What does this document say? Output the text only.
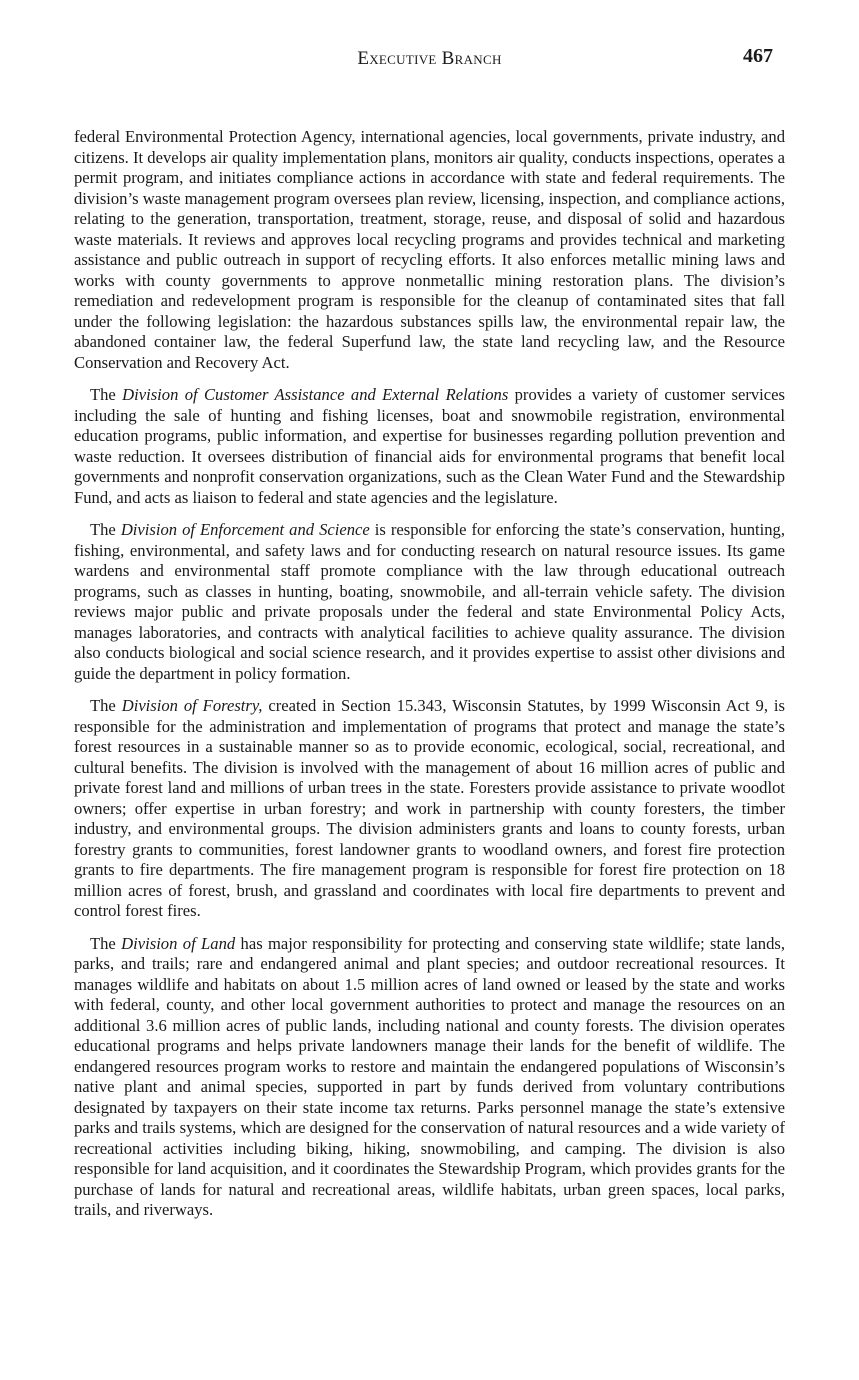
Executive Branch	467

federal Environmental Protection Agency, international agencies, local governments, private industry, and citizens. It develops air quality implementation plans, monitors air quality, conducts inspections, operates a permit program, and initiates compliance actions in accordance with state and federal requirements. The division’s waste management program oversees plan review, licensing, inspection, and compliance actions, relating to the generation, transportation, treatment, storage, reuse, and disposal of solid and hazardous waste materials. It reviews and approves local recycling programs and provides technical and marketing assistance and public outreach in support of recycling efforts. It also enforces metallic mining laws and works with county governments to approve nonmetallic mining restoration plans. The division’s remediation and redevelopment program is responsible for the cleanup of contaminated sites that fall under the following legislation: the hazardous substances spills law, the environmental repair law, the abandoned container law, the federal Superfund law, the state land recycling law, and the Resource Conservation and Recovery Act.

The Division of Customer Assistance and External Relations provides a variety of customer services including the sale of hunting and fishing licenses, boat and snowmobile registration, environmental education programs, public information, and expertise for businesses regarding pollution prevention and waste reduction. It oversees distribution of financial aids for environmental programs that benefit local governments and nonprofit conservation organizations, such as the Clean Water Fund and the Stewardship Fund, and acts as liaison to federal and state agencies and the legislature.

The Division of Enforcement and Science is responsible for enforcing the state’s conservation, hunting, fishing, environmental, and safety laws and for conducting research on natural resource issues. Its game wardens and environmental staff promote compliance with the law through educational outreach programs, such as classes in hunting, boating, snowmobile, and all-terrain vehicle safety. The division reviews major public and private proposals under the federal and state Environmental Policy Acts, manages laboratories, and contracts with analytical facilities to achieve quality assurance. The division also conducts biological and social science research, and it provides expertise to assist other divisions and guide the department in policy formation.

The Division of Forestry, created in Section 15.343, Wisconsin Statutes, by 1999 Wisconsin Act 9, is responsible for the administration and implementation of programs that protect and manage the state’s forest resources in a sustainable manner so as to provide economic, ecological, social, recreational, and cultural benefits. The division is involved with the management of about 16 million acres of public and private forest land and millions of urban trees in the state. Foresters provide assistance to private woodlot owners; offer expertise in urban forestry; and work in partnership with county foresters, the timber industry, and environmental groups. The division administers grants and loans to county forests, urban forestry grants to communities, forest landowner grants to woodland owners, and forest fire protection grants to fire departments. The fire management program is responsible for forest fire protection on 18 million acres of forest, brush, and grassland and coordinates with local fire departments to prevent and control forest fires.

The Division of Land has major responsibility for protecting and conserving state wildlife; state lands, parks, and trails; rare and endangered animal and plant species; and outdoor recreational resources. It manages wildlife and habitats on about 1.5 million acres of land owned or leased by the state and works with federal, county, and other local government authorities to protect and manage the resources on an additional 3.6 million acres of public lands, including national and county forests. The division operates educational programs and helps private landowners manage their lands for the benefit of wildlife. The endangered resources program works to restore and maintain the endangered populations of Wisconsin’s native plant and animal species, supported in part by funds derived from voluntary contributions designated by taxpayers on their state income tax returns. Parks personnel manage the state’s extensive parks and trails systems, which are designed for the conservation of natural resources and a wide variety of recreational activities including biking, hiking, snowmobiling, and camping. The division is also responsible for land acquisition, and it coordinates the Stewardship Program, which provides grants for the purchase of lands for natural and recreational areas, wildlife habitats, urban green spaces, local parks, trails, and riverways.
